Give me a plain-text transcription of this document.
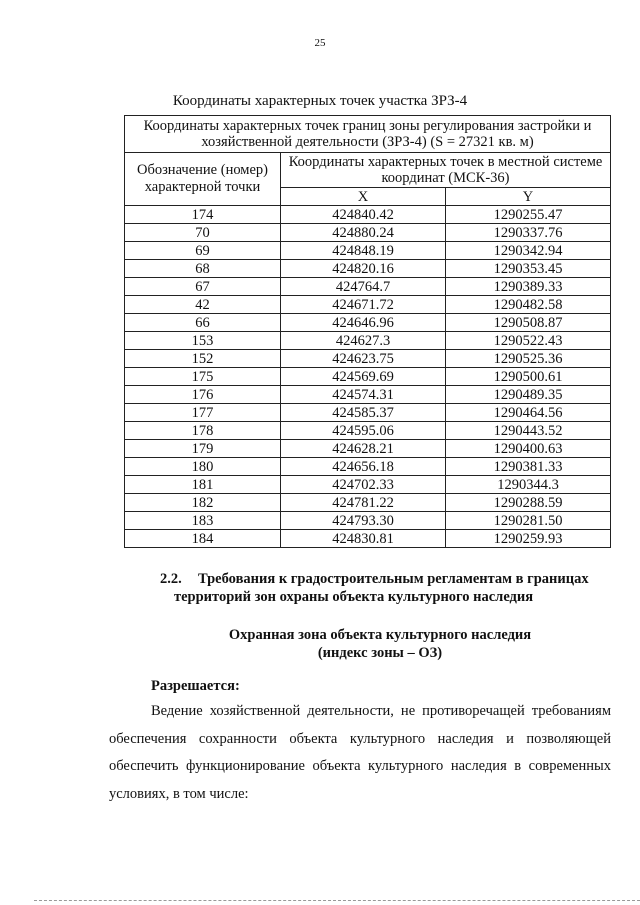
25
Координаты характерных точек участка ЗРЗ-4
Координаты характерных точек границ зоны регулирования застройки и хозяйственной деятельности (ЗРЗ-4) (S = 27321 кв. м)		
Обозначение (номер) характерной точки	Координаты характерных точек в местной системе координат (МСК-36)	
	X	Y
174	424840.42	1290255.47
70	424880.24	1290337.76
69	424848.19	1290342.94
68	424820.16	1290353.45
67	424764.7	1290389.33
42	424671.72	1290482.58
66	424646.96	1290508.87
153	424627.3	1290522.43
152	424623.75	1290525.36
175	424569.69	1290500.61
176	424574.31	1290489.35
177	424585.37	1290464.56
178	424595.06	1290443.52
179	424628.21	1290400.63
180	424656.18	1290381.33
181	424702.33	1290344.3
182	424781.22	1290288.59
183	424793.30	1290281.50
184	424830.81	1290259.93
2.2. Требования к градостроительным регламентам в границах
территорий зон охраны объекта культурного наследия
Охранная зона объекта культурного наследия
(индекс зоны – ОЗ)
Разрешается:
Ведение хозяйственной деятельности, не противоречащей требованиям обеспечения сохранности объекта культурного наследия и позволяющей обеспечить функционирование объекта культурного наследия в современных условиях, в том числе:
